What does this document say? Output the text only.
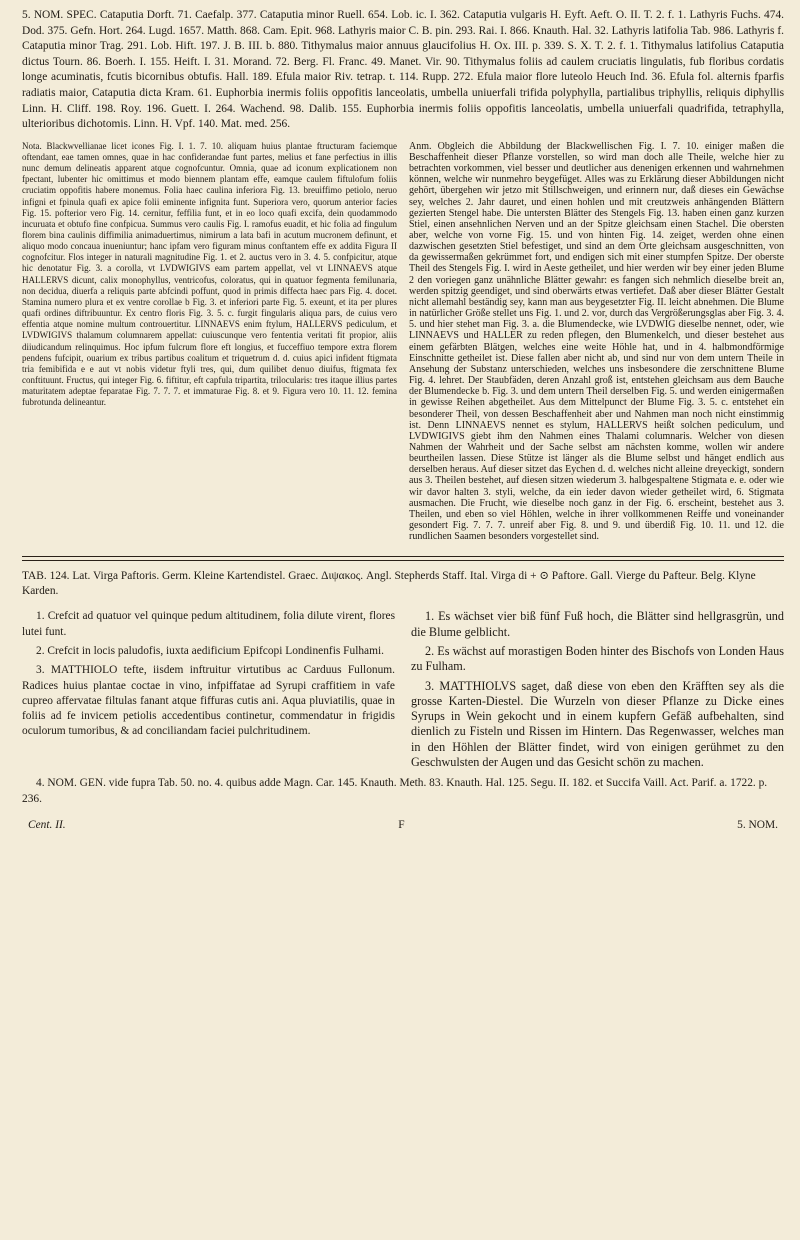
5. NOM. SPEC. Cataputia Dorft. 71. Caefalp. 377. Cataputia minor Ruell. 654. Lob. ic. I. 362. Cataputia vulgaris H. Eyft. Aeft. O. II. T. 2. f. 1. Lathyris Fuchs. 474. Dod. 375. Gefn. Hort. 264. Lugd. 1657. Matth. 868. Cam. Epit. 968. Lathyris maior C. B. pin. 293. Rai. I. 866. Knauth. Hal. 32. Lathyris latifolia Tab. 986. Lathyris f. Cataputia minor Trag. 291. Lob. Hift. 197. J. B. III. b. 880. Tithymalus maior annuus glaucifolius H. Ox. III. p. 339. S. X. T. 2. f. 1. Tithymalus latifolius Cataputia dictus Tourn. 86. Boerh. I. 155. Heift. I. 31. Morand. 72. Berg. Fl. Franc. 49. Manet. Vir. 90. Tithymalus foliis ad caulem cruciatis lingulatis, fub floribus cordatis longe acuminatis, fcutis bicornibus obtufis. Hall. 189. Efula maior Riv. tetrap. t. 114. Rupp. 272. Efula maior flore luteolo Heuch Ind. 36. Efula fol. alternis fparfis radiatis maior, Cataputia dicta Kram. 61. Euphorbia inermis foliis oppofitis lanceolatis, umbella uniuerfali trifida polyphylla, partialibus triphyllis, reliquis diphyllis Linn. H. Cliff. 198. Roy. 196. Guett. I. 264. Wachend. 98. Dalib. 155. Euphorbia inermis foliis oppofitis lanceolatis, umbella uniuerfali quadrifida, tetraphylla, ulterioribus dichotomis. Linn. H. Vpf. 140. Mat. med. 256.

Nota. Blackwvellianae licet icones Fig. I. 1. 7. 10. aliquam huius plantae ftructuram faciemque oftendant, eae tamen omnes, quae in hac confiderandae funt partes, melius et fane perfectius in illis nunc demum delineatis apparent atque cognofcuntur. Omnia, quae ad iconum explicationem non fpectant, lubenter hic omittimus et modo biennem plantam effe, eamque caulem fiftulofum foliis cruciatim oppofitis habere monemus. Folia haec caulina inferiora Fig. 13. breuiffimo petiolo, neruo infigni et fpinula quafi ex apice folii eminente infignita funt. Superiora vero, quorum anterior facies Fig. 15. pofterior vero Fig. 14. cernitur, feffilia funt, et in eo loco quafi excifa, dein quodammodo incuruata et obtufo fine confpicua. Summus vero caulis Fig. I. ramofus euadit, et hic folia ad fingulum florem bina caulinis diffimilia animaduertimus, nimirum a lata bafi in acutum mucronem definunt, et aliquo modo concaua inueniuntur; hanc ipfam vero figuram minus conftantem effe ex addita Figura II cognofcitur. Flos integer in naturali magnitudine Fig. 1. et 2. auctus vero in 3. 4. 5. confpicitur, atque hic denotatur Fig. 3. a corolla, vt LVDWIGIVS eam partem appellat, vel vt LINNAEVS atque HALLERVS dicunt, calix monophyllus, ventricofus, coloratus, qui in quatuor fegmenta femilunaria, non decidua, diuerfa a reliquis parte abfcindi poffunt, quod in primis diffecta haec pars Fig. 4. docet. Stamina numero plura et ex ventre corollae b Fig. 3. et inferiori parte Fig. 5. exeunt, et ita per plures quafi ordines diftribuuntur. Ex centro floris Fig. 3. 5. c. furgit fingularis aliqua pars, de cuius vero effentia atque nomine multum controuertitur. LINNAEVS enim ftylum, HALLERVS pediculum, et LVDWIGIVS thalamum columnarem appellat: cuiuscunque vero fententia veritati fit propior, aliis diiudicandum relinquimus. Hoc ipfum fulcrum flore eft longius, et fucceffiuo tempore extra florem pendens fufcipit, ouarium ex tribus partibus coalitum et triquetrum d. d. cuius apici infident ftigmata tria femibifida e e aut vt nobis videtur ftyli tres, qui, dum quilibet denuo diuifus, ftigmata fex conftituunt. Fructus, qui integer Fig. 6. fiftitur, eft capfula tripartita, trilocularis: tres itaque illius partes maturitatem adeptae feparatae Fig. 7. 7. 7. et immaturae Fig. 8. et 9. Figura vero 10. 11. 12. femina fubrotunda delineantur.

Anm. Obgleich die Abbildung der Blackwellischen Fig. I. 7. 10. einiger maßen die Beschaffenheit dieser Pflanze vorstellen, so wird man doch alle Theile, welche hier zu betrachten vorkommen, viel besser und deutlicher aus denenigen erkennen und wahrnehmen können, welche wir nunmehro beygefüget. Alles was zu Erklärung dieser Abbildungen nicht gehört, übergehen wir jetzo mit Stillschweigen, und erinnern nur, daß dieses ein Gewächse sey, welches 2. Jahr dauret, und einen hohlen und mit creutzweis anhängenden Blättern gezierten Stengel habe. Die untersten Blätter des Stengels Fig. 13. haben einen ganz kurzen Stiel, einen ansehnlichen Nerven und an der Spitze gleichsam einen Stachel. Die obersten aber, welche von vorne Fig. 15. und von hinten Fig. 14. zeiget, werden ohne einen dazwischen gesetzten Stiel befestiget, und sind an dem Orte gleichsam ausgeschnitten, von da gewissermaßen gekrümmet fort, und endigen sich mit einer stumpfen Spitze. Der oberste Theil des Stengels Fig. I. wird in Aeste getheilet, und hier werden wir bey einer jeden Blume 2 den voriegen ganz unähnliche Blätter gewahr: es fangen sich nehmlich dieselbe breit an, werden spitzig geendiget, und sind oberwärts etwas vertiefet. Daß aber dieser Blätter Gestalt nicht allemahl beständig sey, kann man aus beygesetzter Fig. II. leicht abnehmen. Die Blume in natürlicher Größe stellet uns Fig. 1. und 2. vor, durch das Vergrößerungsglas aber Fig. 3. 4. 5. und hier stehet man Fig. 3. a. die Blumendecke, wie LVDWIG dieselbe nennet, oder, wie LINNAEVS und HALLER zu reden pflegen, den Blumenkelch, und dieser bestehet aus einem gefärbten Blätgen, welches eine weite Höhle hat, und in 4. halbmondförmige Einschnitte getheilet ist. Diese fallen aber nicht ab, und sind nur von dem untern Theile in Ansehung der Substanz unterschieden, welches uns insbesondere die zerschnittene Blume Fig. 4. lehret. Der Staubfäden, deren Anzahl groß ist, entstehen gleichsam aus dem Bauche der Blumendecke b. Fig. 3. und dem untern Theil derselben Fig. 5. und werden einigermaßen in gewisse Reihen abgetheilet. Aus dem Mittelpunct der Blume Fig. 3. 5. c. entstehet ein besonderer Theil, von dessen Beschaffenheit aber und Nahmen man noch nicht einstimmig ist. Denn LINNAEVS nennet es stylum, HALLERVS heißt solchen pediculum, und LVDWIGIVS giebt ihm den Nahmen eines Thalami columnaris. Welcher von diesen Nahmen der Wahrheit und der Sache selbst am nächsten komme, wollen wir andere beurtheilen lassen. Diese Stütze ist länger als die Blume selbst und hänget endlich aus derselben heraus. Auf dieser sitzet das Eychen d. d. welches nicht alleine dreyeckigt, sondern aus 3. Theilen bestehet, auf diesen sitzen wiederum 3. halbgespaltene Stigmata e. e. oder wie wir davor halten 3. styli, welche, da ein ieder davon wieder getheilet wird, 6. Stigmata ausmachen. Die Frucht, wie dieselbe noch ganz in der Fig. 6. erscheint, bestehet aus 3. Theilen, und eben so viel Höhlen, welche in ihrer vollkommenen Reiffe und voneinander gesondert Fig. 7. 7. 7. unreif aber Fig. 8. und 9. und überdiß Fig. 10. 11. und 12. die rundlichen Saamen besonders vorgestellet sind.

TAB. 124. Lat. Virga Paftoris. Germ. Kleine Kartendistel. Graec. Διψακος. Angl. Stepherds Staff. Ital. Virga di + ⊙ Paftore. Gall. Vierge du Pafteur. Belg. Klyne Karden.

1. Crefcit ad quatuor vel quinque pedum altitudinem, folia dilute virent, flores lutei funt.

2. Crefcit in locis paludofis, iuxta aedificium Epifcopi Londinenfis Fulhami.

3. MATTHIOLO tefte, iisdem inftruitur virtutibus ac Carduus Fullonum. Radices huius plantae coctae in vino, infpiffatae ad Syrupi craffitiem in vafe cupreo affervatae filtulas fanant atque fiffuras cutis ani. Aqua pluviatilis, quae in foliis ad fe invicem petiolis accedentibus continetur, commendatur in frigidis oculorum tumoribus, & ad conciliandam faciei pulchritudinem.

1. Es wächset vier biß fünf Fuß hoch, die Blätter sind hellgrasgrün, und die Blume gelblicht.

2. Es wächst auf morastigen Boden hinter des Bischofs von Londen Haus zu Fulham.

3. MATTHIOLVS saget, daß diese von eben den Kräfften sey als die grosse Karten-Diestel. Die Wurzeln von dieser Pflanze zu Dicke eines Syrups in Wein gekocht und in einem kupfern Gefäß aufbehalten, sind dienlich zu Fisteln und Rissen im Hintern. Das Regenwasser, welches man in den Höhlen der Blätter findet, wird von einigen gerühmet zu den Geschwulsten der Augen und das Gesicht schön zu machen.

4. NOM. GEN. vide fupra Tab. 50. no. 4. quibus adde Magn. Car. 145. Knauth. Meth. 83. Knauth. Hal. 125. Segu. II. 182. et Succifa Vaill. Act. Parif. a. 1722. p. 236.

Cent. II.	F	5. NOM.
